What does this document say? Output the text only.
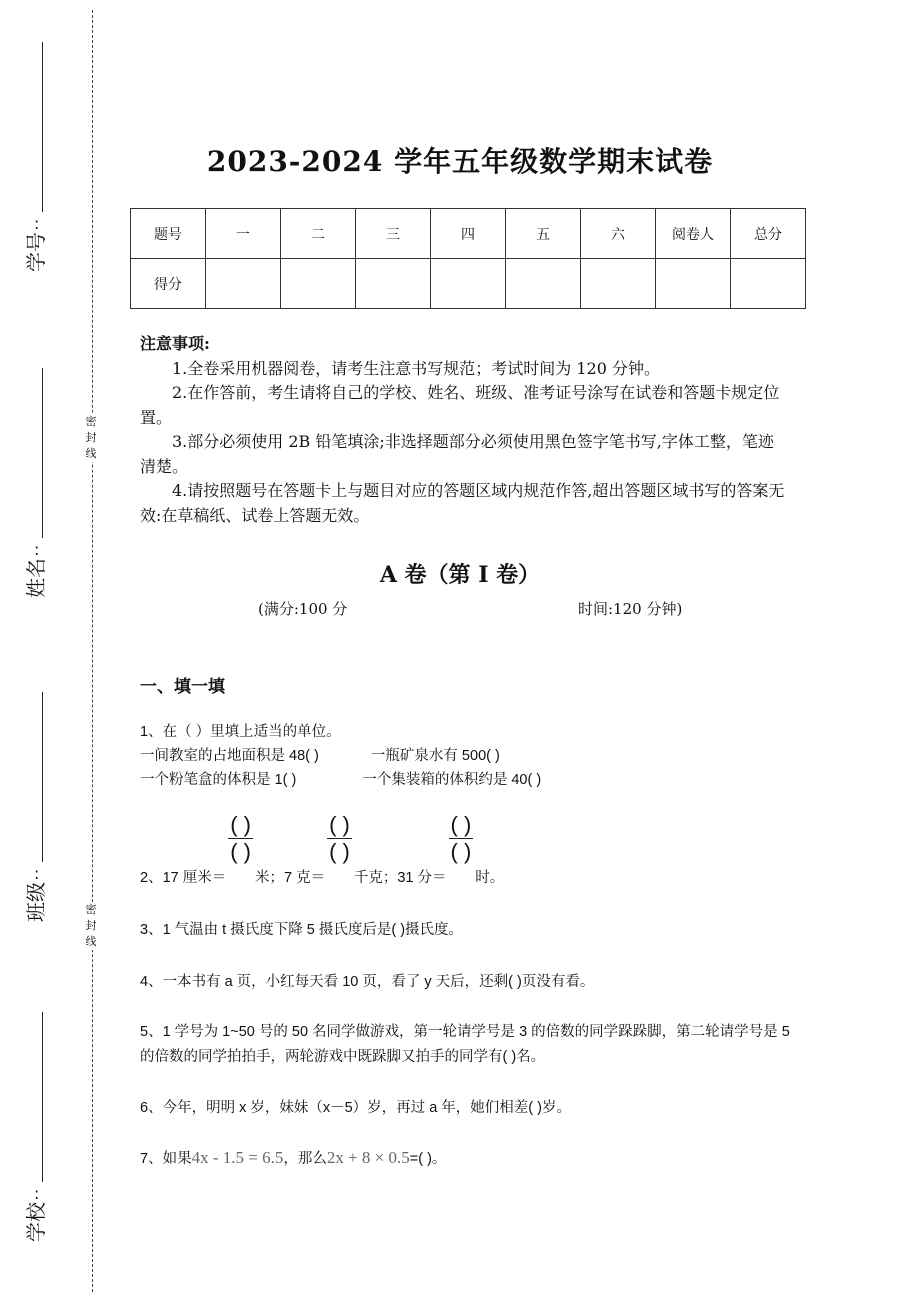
密
封
线
密
封
线
:
学号
:
姓名
:
班级
:
学校
2023-2024 学年五年级数学期末试卷
题号	一	二	三	四	五	六	阅卷人	总分
得分								
注意事项:
1.全卷采用机器阅卷，请考生注意书写规范；考试时间为 120 分钟。
2.在作答前，考生请将自己的学校、姓名、班级、准考证号涂写在试卷和答题卡规定位置。
3.部分必须使用 2B 铅笔填涂;非选择题部分必须使用黑色签字笔书写,字体工整，笔迹清楚。
4.请按照题号在答题卡上与题目对应的答题区域内规范作答,超出答题区域书写的答案无效:在草稿纸、试卷上答题无效。
A 卷（第 I 卷）
(满分:100 分	时间:120 分钟)
一、填一填
1、在（ ）里填上适当的单位。
一间教室的占地面积是 48( )	一瓶矿泉水有 500( )
一个粉笔盒的体积是 1( )	一个集装箱的体积约是 40( )
2、17 厘米＝
$\frac{( )}{( )}$
米；7 克＝
$\frac{( )}{( )}$
千克；31 分＝
$\frac{( )}{( )}$
时。
3、1 气温由 t 摄氏度下降 5 摄氏度后是( )摄氏度。
4、一本书有 a 页，小红每天看 10 页，看了 y 天后，还剩( )页没有看。
5、1 学号为 1~50 号的 50 名同学做游戏，第一轮请学号是 3 的倍数的同学跺跺脚，第二轮请学号是 5 的倍数的同学拍拍手，两轮游戏中既跺脚又拍手的同学有( )名。
6、今年，明明 x 岁，妹妹（x－5）岁，再过 a 年，她们相差( )岁。
7、如果4x - 1.5 = 6.5，那么2x + 8 × 0.5=( )。
